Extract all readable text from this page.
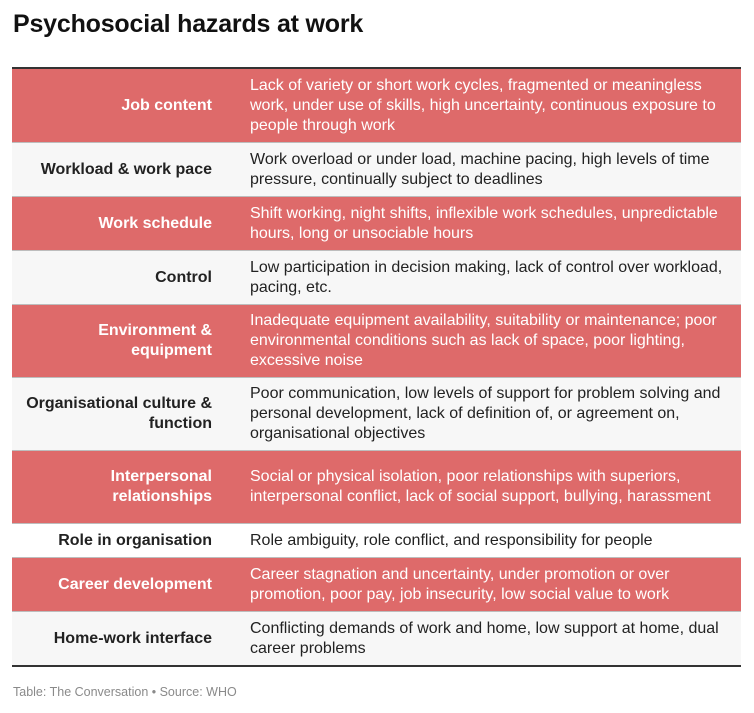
Psychosocial hazards at work
Job content
Lack of variety or short work cycles, fragmented or meaningless work, under use of skills, high uncertainty, continuous exposure to people through work
Workload & work pace
Work overload or under load, machine pacing, high levels of time pressure, continually subject to deadlines
Work schedule
Shift working, night shifts, inflexible work schedules, unpredictable hours, long or unsociable hours
Control
Low participation in decision making, lack of control over workload, pacing, etc.
Environment & equipment
Inadequate equipment availability, suitability or maintenance; poor environmental conditions such as lack of space, poor lighting, excessive noise
Organisational culture & function
Poor communication, low levels of support for problem solving and personal development, lack of definition of, or agreement on, organisational objectives
Interpersonal relationships
Social or physical isolation, poor relationships with superiors, interpersonal conflict, lack of social support, bullying, harassment
Role in organisation	Role ambiguity, role conflict, and responsibility for people
Career development
Career stagnation and uncertainty, under promotion or over promotion, poor pay, job insecurity, low social value to work
Home-work interface
Conflicting demands of work and home, low support at home, dual career problems
Table: The Conversation • Source: WHO
